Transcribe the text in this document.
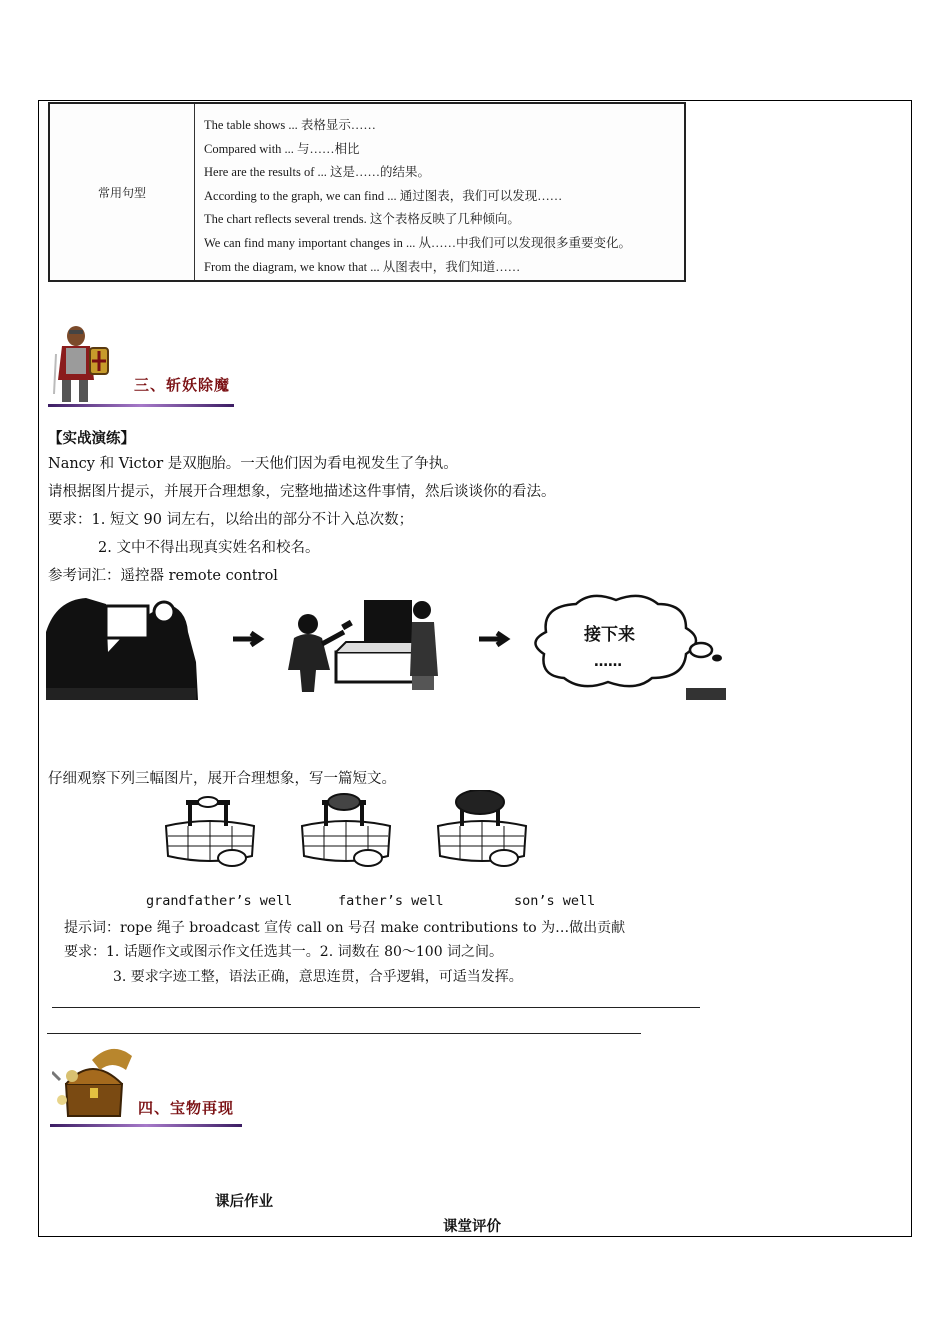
常用句型
The table shows ... 表格显示……
Compared with ... 与……相比
Here are the results of ... 这是……的结果。
According to the graph, we can find ... 通过图表，我们可以发现……
The chart reflects several trends. 这个表格反映了几种倾向。
We can find many important changes in ... 从……中我们可以发现很多重要变化。
From the diagram, we know that ... 从图表中，我们知道……
三、斩妖除魔
【实战演练】
Nancy 和 Victor 是双胞胎。一天他们因为看电视发生了争执。
请根据图片提示，并展开合理想象，完整地描述这件事情，然后谈谈你的看法。
要求：1. 短文 90 词左右，以给出的部分不计入总次数；
2. 文中不得出现真实姓名和校名。
参考词汇：遥控器 remote control
接下来
……
仔细观察下列三幅图片，展开合理想象，写一篇短文。
grandfather’s well	father’s well	son’s well
提示词：rope 绳子 broadcast 宣传 call on 号召 make contributions to 为…做出贡献
要求：1. 话题作文或图示作文任选其一。2. 词数在 80～100 词之间。
3. 要求字迹工整，语法正确，意思连贯，合乎逻辑，可适当发挥。
四、宝物再现
课后作业
课堂评价
